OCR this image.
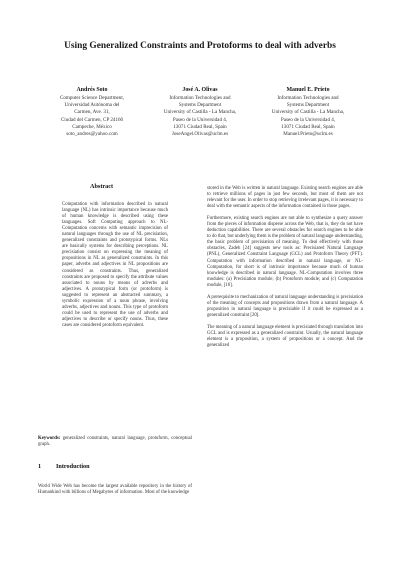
Using Generalized Constraints and Protoforms to deal with adverbs
Andrés Soto
Computer Science Department,
Universidad Autónoma del
Carmen, Ave. 31,
Ciudad del Carmen, CP 24160
Campeche, México
soto_andres@yahoo.com
José A. Olivas
Information Technologies and
Systems Department
University of Castilla - La Mancha,
Paseo de la Universidad 4,
13071 Ciudad Real, Spain
JoseAngel.Olivas@uclm.es
Manuel E. Prieto
Information Technologies and
Systems Department
University of Castilla - La Mancha,
Paseo de la Universidad 4,
13071 Ciudad Real, Spain
Manuel.Prieto@uclm.es
Abstract

Computation with information described in natural language (NL) has intrinsic importance because much of human knowledge is described using these languages. Soft Computing approach to NL-Computation concerns with semantic imprecision of natural languages through the use of NL precisiation, generalized constraints and prototypical forms. NLs are basically systems for describing perceptions. NL precisiation consist on expressing the meaning of propositions in NL as generalized constraints. In this paper, adverbs and adjectives in NL propositions are considered as constraints. Thus, generalized constraints are proposed to specify the attribute values associated to nouns by means of adverbs and adjectives. A prototypical form (or protoform) is suggested to represent an abstracted summary, a symbolic expression of a noun phrase, involving adverbs, adjectives and nouns. This type of protoform could be used to represent the use of adverbs and adjectives to describe or specify nouns. Thus, these cases are considered protoform equivalent.

Keywords: generalized constraints, natural language, protoform, conceptual graph.
1 Introduction

World Wide Web has become the largest available repository in the history of Humankind with billions of Megabytes of information. Most of the knowledge

stored in the Web is written in natural language. Existing search engines are able to retrieve millions of pages in just few seconds, but most of them are not relevant for the user. In order to stop retrieving irrelevant pages, it is necessary to deal with the semantic aspects of the information contained in those pages.

Furthermore, existing search engines are not able to synthesize a query answer from the pieces of information disperse across the Web, that is, they do not have deduction capabilities. There are several obstacles for search engines to be able to do that, but underlying them is the problem of natural language understanding, the basic problem of precisiation of meaning. To deal effectively with those obstacles, Zadeh [24] suggests new tools as: Precisiated Natural Language (PNL), Generalized Constraint Language (GCL) and Protoform Theory (PFT). Computation with information described in natural language, or NL-Computation, for short is of intrinsic importance because much of human knowledge is described in natural language. NL-Computation involves three modules: (a) Precisiation module; (b) Protoform module; and (c) Computation module, [16].

A prerequisite to mechanization of natural language understanding is precisiation of the meaning of concepts and propositions drawn from a natural language. A proposition in natural language is precisiable if it could be expressed as a generalized constraint [20].

The meaning of a natural language element is precisiated through translation into GCL and is expressed as a generalized constraint. Usually, the natural language element is a proposition, a system of propositions or a concept. And the generalized
